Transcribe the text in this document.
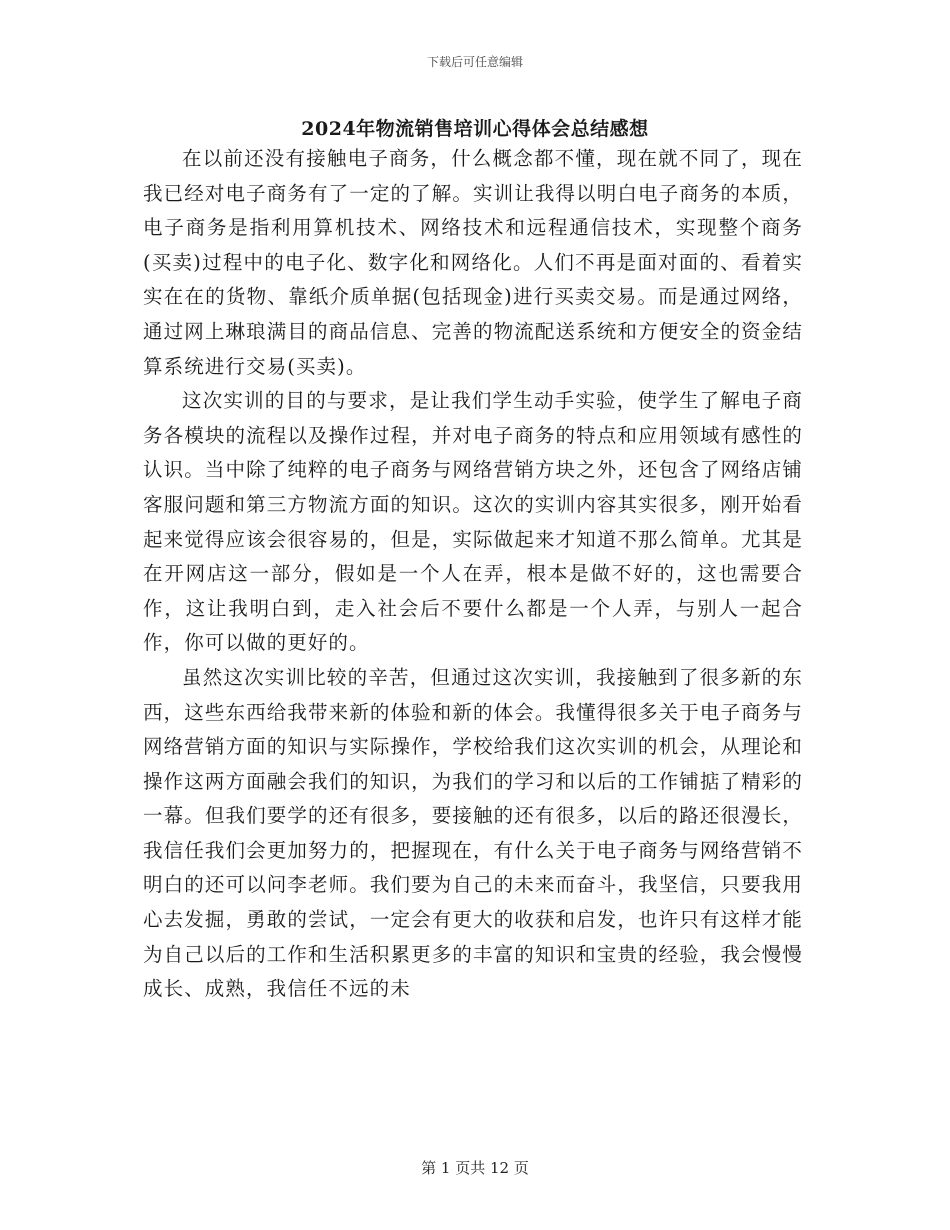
下载后可任意编辑
2024年物流销售培训心得体会总结感想

在以前还没有接触电子商务，什么概念都不懂，现在就不同了，现在我已经对电子商务有了一定的了解。实训让我得以明白电子商务的本质，电子商务是指利用算机技术、网络技术和远程通信技术，实现整个商务(买卖)过程中的电子化、数字化和网络化。人们不再是面对面的、看着实实在在的货物、靠纸介质单据(包括现金)进行买卖交易。而是通过网络，通过网上琳琅满目的商品信息、完善的物流配送系统和方便安全的资金结算系统进行交易(买卖)。

这次实训的目的与要求，是让我们学生动手实验，使学生了解电子商务各模块的流程以及操作过程，并对电子商务的特点和应用领域有感性的认识。当中除了纯粹的电子商务与网络营销方块之外，还包含了网络店铺客服问题和第三方物流方面的知识。这次的实训内容其实很多，刚开始看起来觉得应该会很容易的，但是，实际做起来才知道不那么简单。尤其是在开网店这一部分，假如是一个人在弄，根本是做不好的，这也需要合作，这让我明白到，走入社会后不要什么都是一个人弄，与别人一起合作，你可以做的更好的。

虽然这次实训比较的辛苦，但通过这次实训，我接触到了很多新的东西，这些东西给我带来新的体验和新的体会。我懂得很多关于电子商务与网络营销方面的知识与实际操作，学校给我们这次实训的机会，从理论和操作这两方面融会我们的知识，为我们的学习和以后的工作铺掂了精彩的一幕。但我们要学的还有很多，要接触的还有很多，以后的路还很漫长，我信任我们会更加努力的，把握现在，有什么关于电子商务与网络营销不明白的还可以问李老师。我们要为自己的未来而奋斗，我坚信，只要我用心去发掘，勇敢的尝试，一定会有更大的收获和启发，也许只有这样才能为自己以后的工作和生活积累更多的丰富的知识和宝贵的经验，我会慢慢成长、成熟，我信任不远的未

第 1 页共 12 页
